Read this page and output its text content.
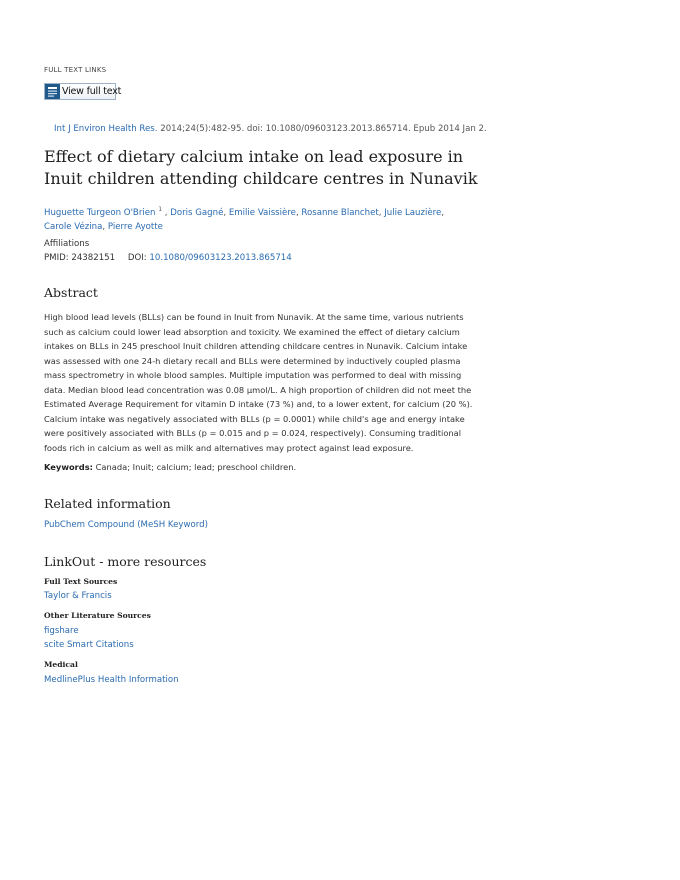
FULL TEXT LINKS
View full text
Int J Environ Health Res. 2014;24(5):482-95. doi: 10.1080/09603123.2013.865714. Epub 2014 Jan 2.
Effect of dietary calcium intake on lead exposure in Inuit children attending childcare centres in Nunavik
Huguette Turgeon O'Brien $^1$ , Doris Gagné, Emilie Vaissière, Rosanne Blanchet, Julie Lauzière,
Carole Vézina, Pierre Ayotte
Affiliations
PMID: 24382151 DOI: 10.1080/09603123.2013.865714
Abstract

High blood lead levels (BLLs) can be found in Inuit from Nunavik. At the same time, various nutrients such as calcium could lower lead absorption and toxicity. We examined the effect of dietary calcium intakes on BLLs in 245 preschool Inuit children attending childcare centres in Nunavik. Calcium intake was assessed with one 24-h dietary recall and BLLs were determined by inductively coupled plasma mass spectrometry in whole blood samples. Multiple imputation was performed to deal with missing data. Median blood lead concentration was 0.08 μmol/L. A high proportion of children did not meet the Estimated Average Requirement for vitamin D intake (73 %) and, to a lower extent, for calcium (20 %). Calcium intake was negatively associated with BLLs (p = 0.0001) while child's age and energy intake were positively associated with BLLs (p = 0.015 and p = 0.024, respectively). Consuming traditional foods rich in calcium as well as milk and alternatives may protect against lead exposure.

Keywords: Canada; Inuit; calcium; lead; preschool children.
Related information
PubChem Compound (MeSH Keyword)
LinkOut - more resources
Full Text Sources
Taylor & Francis
Other Literature Sources
figshare
scite Smart Citations
Medical
MedlinePlus Health Information
